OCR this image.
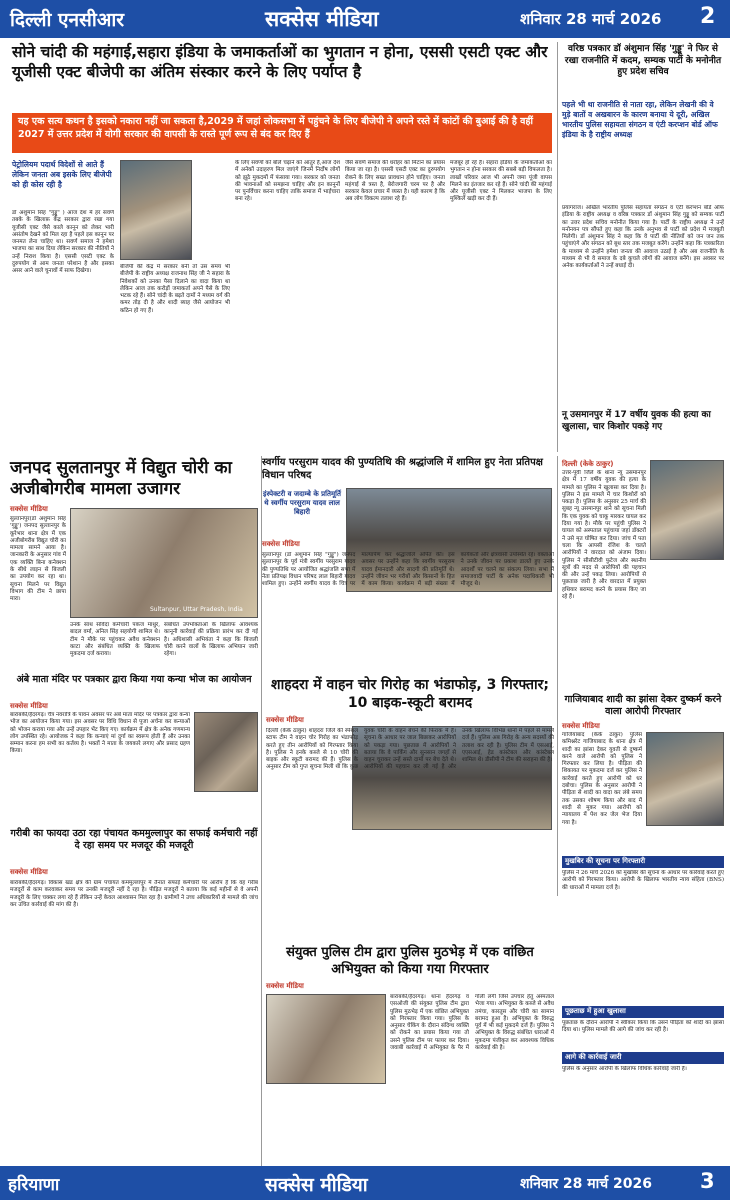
दिल्ली एनसीआर	सक्सेस मीडिया	शनिवार 28 मार्च 2026 2
सोने चांदी की महंगाई,सहारा इंडिया के जमाकर्ताओं का भुगतान न होना, एससी एसटी एक्ट और यूजीसी एक्ट बीजेपी का अंतिम संस्कार करने के लिए पर्याप्त है
यह एक सत्य कथन है इसको नकारा नहीं जा सकता है,2029 में जहां लोकसभा में पहुंचने के लिए बीजेपी ने अपने रस्ते में कांटों की बुआई की है वहीं 2027 में उत्तर प्रदेश में योगी सरकार की वापसी के रास्ते पूर्ण रूप से बंद कर दिए हैं
पेट्रोलियम पदार्थ विदेशों से आते हैं लेकिन जनता अब इसके लिए बीजेपी को ही कोस रही है
डॉ अंशुमान सिंह "गुड्डू" ) आज देश में हर सवर्ण तबके के खिलाफ़ केंद्र सरकार द्वारा रखा गया यूजीसी एक्ट जैसे काले कानून को लेकर भारी असंतोष देखने को मिल रहा है पहले इस कानून पर जनमत लेना चाहिए था। सवर्ण समाज ने हमेशा भाजपा का साथ दिया लेकिन सरकार की नीतियों ने उन्हें निराश किया है। एससी एसटी एक्ट के दुरुपयोग से आम जनता परेशान है और इसका असर आने वाले चुनावों में साफ दिखेगा।
बीजेपी की केंद्र में सरकार बनी तो उस समय भी बीजेपी के राष्ट्रीय अध्यक्ष राजनाथ सिंह जी ने सहारा के निवेशकों को उनका पैसा दिलाने का वादा किया था लेकिन आज तक करोड़ों जमाकर्ता अपने पैसे के लिए भटक रहे हैं। सोने चांदी के बढ़ते दामों ने मध्यम वर्ग की कमर तोड़ दी है और शादी ब्याह जैसे आयोजन भी कठिन हो गए हैं।
के लिए सवर्णों को बलि चढ़ाने को आतुर है,आज देश में अनेकों उदाहरण मिल जाएंगे जिनमें निर्दोष लोगों को झूठे मुकदमों में फंसाया गया। सरकार को जनता की भावनाओं को समझना चाहिए और इन कानूनों पर पुनर्विचार करना चाहिए ताकि समाज में भाईचारा बना रहे।
जैसे सवर्ण समाज की धरोहर को मिटाने का प्रयास किया जा रहा है। एससी एसटी एक्ट का दुरुपयोग रोकने के लिए सख्त प्रावधान होने चाहिए। जनता महंगाई से त्रस्त है, बेरोजगारी चरम पर है और सरकार केवल प्रचार में व्यस्त है। यही कारण है कि अब लोग विकल्प तलाश रहे हैं।
मजबूर हो रहे हैं। सहारा इंडिया के जमाकर्ताओं का भुगतान न होना सरकार की सबसे बड़ी विफलता है। लाखों परिवार आज भी अपनी जमा पूंजी वापस मिलने का इंतजार कर रहे हैं। सोने चांदी की महंगाई और यूजीसी एक्ट ने मिलकर भाजपा के लिए मुश्किलें खड़ी कर दी हैं।
वरिष्ठ पत्रकार डॉ अंशुमान सिंह 'गुड्डू' ने फिर से रखा राजनीति में कदम, सम्यक पार्टी के मनोनीत हुए प्रदेश सचिव
पहले भी था राजनीति से नाता रहा, लेकिन लेखनी की वे मुड़े बातों व अखबारन के कारण बनाया ये दूरी, अखिल भारतीय पुलिस सहायता संगठन व एंटी करप्शन बोर्ड ऑफ इंडिया के है राष्ट्रीय अध्यक्ष
प्रयागराज। अखिल भारतीय पुलिस सहायता संगठन व एंटी करप्शन बोर्ड ऑफ इंडिया के राष्ट्रीय अध्यक्ष व वरिष्ठ पत्रकार डॉ अंशुमान सिंह गुड्डू को सम्यक पार्टी का उत्तर प्रदेश सचिव मनोनीत किया गया है। पार्टी के राष्ट्रीय अध्यक्ष ने उन्हें मनोनयन पत्र सौंपते हुए कहा कि उनके अनुभव से पार्टी को प्रदेश में मजबूती मिलेगी। डॉ अंशुमान सिंह ने कहा कि वे पार्टी की नीतियों को जन जन तक पहुंचाएंगे और संगठन को बूथ स्तर तक मजबूत करेंगे। उन्होंने कहा कि पत्रकारिता के माध्यम से उन्होंने हमेशा जनता की आवाज उठाई है और अब राजनीति के माध्यम से भी वे समाज के दबे कुचले लोगों की आवाज बनेंगे। इस अवसर पर अनेक कार्यकर्ताओं ने उन्हें बधाई दी।
नू उसमानपुर में 17 वर्षीय युवक की हत्या का खुलासा, चार किशोर पकड़े गए
स्वर्गीय परसुराम यादव की पुण्यतिथि की श्रद्धांजलि में शामिल हुए नेता प्रतिपक्ष विधान परिषद
जनपद सुलतानपुर में विद्युत चोरी का अजीबोगरीब मामला उजागर
सक्सेस मीडिया
सुल्तानपुर(डॉ अंशुमान सिंह 'गुड्डू') जनपद सुल्तानपुर के कूरेभार थाना क्षेत्र में एक अजीबोगरीब विद्युत चोरी का मामला सामने आया है। जानकारी के अनुसार गांव में एक व्यक्ति बिना कनेक्शन के सीधे लाइन से बिजली का उपयोग कर रहा था। सूचना मिलने पर विद्युत विभाग की टीम ने छापा मारा।
Sultanpur, Uttar Pradesh, India
उनके साथ संविदा कर्मचारी पंकज माथुर, बादल वर्मा, अनिल सिंह सहयोगी शामिल थे। टीम ने मौके पर पहुंचकर अवैध कनेक्शन काटा और संबंधित व्यक्ति के खिलाफ मुकदमा दर्ज कराया।
संबंधित उपभोक्ताओं के खिलाफ आवश्यक कानूनी कार्रवाई की प्रक्रिया प्रारंभ कर दी गई है। अधिशासी अभियंता ने कहा कि बिजली चोरी करने वालों के खिलाफ अभियान जारी रहेगा।
इंस्पेक्टरी व जदाम्बे के प्रतिमूर्ति थे स्वर्गीय परसुराम यादव लाल बिहारी
सक्सेस मीडिया
सुल्तानपुर (डॉ अंशुमान सिंह "गुड्डू") जनपद सुल्तानपुर के पूर्व मंत्री स्वर्गीय परसुराम यादव की पुण्यतिथि पर आयोजित श्रद्धांजलि सभा में नेता प्रतिपक्ष विधान परिषद लाल बिहारी यादव शामिल हुए। उन्होंने स्वर्गीय यादव के चित्र पर माल्यार्पण कर श्रद्धांजलि अर्पित की। इस अवसर पर उन्होंने कहा कि स्वर्गीय परसुराम यादव ईमानदारी और सादगी की प्रतिमूर्ति थे। उन्होंने जीवन भर गरीबों और किसानों के हित में काम किया। कार्यक्रम में बड़ी संख्या में कार्यकर्ता और क्षेत्रवासी उपस्थित रहे। वक्ताओं ने उनके जीवन पर प्रकाश डालते हुए उनके आदर्शों पर चलने का संकल्प लिया। सभा में समाजवादी पार्टी के अनेक पदाधिकारी भी मौजूद थे।
दिल्ली (केके ठाकुर)
उत्तर-पूर्वी जिले के थाना न्यू उसमानपुर क्षेत्र में 17 वर्षीय युवक की हत्या के मामले का पुलिस ने खुलासा कर दिया है। पुलिस ने इस मामले में चार किशोरों को पकड़ा है। पुलिस के अनुसार 25 मार्च की सुबह न्यू उसमानपुर थाने को सूचना मिली कि एक युवक को चाकू मारकर घायल कर दिया गया है। मौके पर पहुंची पुलिस ने घायल को अस्पताल पहुंचाया जहां डॉक्टरों ने उसे मृत घोषित कर दिया। जांच में पता चला कि आपसी रंजिश के चलते आरोपियों ने वारदात को अंजाम दिया। पुलिस ने सीसीटीवी फुटेज और स्थानीय सूत्रों की मदद से आरोपियों की पहचान की और उन्हें पकड़ लिया। आरोपियों से पूछताछ जारी है और वारदात में प्रयुक्त हथियार बरामद करने के प्रयास किए जा रहे हैं।
अंबे माता मंदिर पर पत्रकार द्वारा किया गया कन्या भोज का आयोजन
सक्सेस मीडिया
बाराबंकी/हैदरगढ़। चैत्र नवरात्रि के पावन अवसर पर अंबे माता मंदिर पर पत्रकार द्वारा कन्या भोज का आयोजन किया गया। इस अवसर पर विधि विधान से पूजा अर्चना कर कन्याओं को भोजन कराया गया और उन्हें उपहार भेंट किए गए। कार्यक्रम में क्षेत्र के अनेक गणमान्य लोग उपस्थित रहे। आयोजक ने कहा कि कन्याएं मां दुर्गा का स्वरूप होती हैं और उनका सम्मान करना हम सभी का कर्तव्य है। भक्तों ने माता के जयकारे लगाए और प्रसाद ग्रहण किया।
गरीबी का फायदा उठा रहा पंचायत कममुल्लापुर का सफाई कर्मचारी नहीं दे रहा समय पर मजदूर की मजदूरी
सक्सेस मीडिया
बाराबंकी/हैदरगढ़। विकास खंड क्षेत्र की ग्राम पंचायत कममुल्लापुर में तैनात सफाई कर्मचारी पर आरोप है कि वह गरीब मजदूरों से काम करवाकर समय पर उनकी मजदूरी नहीं दे रहा है। पीड़ित मजदूरों ने बताया कि कई महीनों से वे अपनी मजदूरी के लिए चक्कर लगा रहे हैं लेकिन उन्हें केवल आश्वासन मिल रहा है। ग्रामीणों ने उच्च अधिकारियों से मामले की जांच कर उचित कार्रवाई की मांग की है।
शाहदरा में वाहन चोर गिरोह का भंडाफोड़, 3 गिरफ्तार; 10 बाइक-स्कूटी बरामद
सक्सेस मीडिया
दिल्ली (केके ठाकुर) शाहदरा जिले की स्पेशल स्टाफ टीम ने वाहन चोर गिरोह का भंडाफोड़ करते हुए तीन आरोपियों को गिरफ्तार किया है। पुलिस ने इनके कब्जे से 10 चोरी की बाइक और स्कूटी बरामद की हैं। पुलिस के अनुसार टीम को गुप्त सूचना मिली थी कि कुछ युवक चोरी के वाहन बेचने की फिराक में हैं। सूचना के आधार पर जाल बिछाकर आरोपियों को पकड़ा गया। पूछताछ में आरोपियों ने बताया कि वे पार्किंग और सुनसान जगहों से वाहन चुराकर उन्हें सस्ते दामों पर बेच देते थे। आरोपियों की पहचान कर ली गई है और उनके खिलाफ विभिन्न थानों में पहले से मामले दर्ज हैं। पुलिस अब गिरोह के अन्य सदस्यों की तलाश कर रही है। पुलिस टीम में एसआई, एएसआई, हेड कांस्टेबल और कांस्टेबल शामिल थे। डीसीपी ने टीम की सराहना की है।
गाजियाबाद शादी का झांसा देकर दुष्कर्म करने वाला आरोपी गिरफ्तार
सक्सेस मीडिया
गाजियाबाद (केके ठाकुर) पुलिस कमिश्नरेट गाजियाबाद के थाना क्षेत्र में शादी का झांसा देकर युवती से दुष्कर्म करने वाले आरोपी को पुलिस ने गिरफ्तार कर लिया है। पीड़िता की शिकायत पर मुकदमा दर्ज कर पुलिस ने कार्रवाई करते हुए आरोपी को धर दबोचा। पुलिस के अनुसार आरोपी ने पीड़िता से शादी का वादा कर लंबे समय तक उसका शोषण किया और बाद में शादी से मुकर गया। आरोपी को न्यायालय में पेश कर जेल भेज दिया गया है।
मुखबिर की सूचना पर गिरफ्तारी
पुलिस ने 26 मार्च 2026 को मुखबिर की सूचना के आधार पर कार्रवाई करते हुए आरोपी को गिरफ्तार किया। आरोपी के खिलाफ भारतीय न्याय संहिता (BNS) की धाराओं में मामला दर्ज है।
पूछताछ में हुआ खुलासा
पूछताछ के दौरान आरोपी ने स्वीकार किया कि उसने पीड़िता को शादी का झांसा दिया था। पुलिस मामले की आगे की जांच कर रही है।
आगे की कार्रवाई जारी
पुलिस के अनुसार आरोपी के खिलाफ विधिक कार्रवाई जारी है।
संयुक्त पुलिस टीम द्वारा पुलिस मुठभेड़ में एक वांछित अभियुक्त को किया गया गिरफ्तार
सक्सेस मीडिया
बाराबंकी/हैदरगढ़। थाना हैदरगढ़ व एसओजी की संयुक्त पुलिस टीम द्वारा पुलिस मुठभेड़ में एक वांछित अभियुक्त को गिरफ्तार किया गया। पुलिस के अनुसार चेकिंग के दौरान संदिग्ध व्यक्ति को रोकने का प्रयास किया गया तो उसने पुलिस टीम पर फायर कर दिया। जवाबी कार्रवाई में अभियुक्त के पैर में गोली लगी जिसे उपचार हेतु अस्पताल भेजा गया। अभियुक्त के कब्जे से अवैध तमंचा, कारतूस और चोरी का सामान बरामद हुआ है। अभियुक्त के विरुद्ध पूर्व में भी कई मुकदमे दर्ज हैं। पुलिस ने अभियुक्त के विरुद्ध संबंधित धाराओं में मुकदमा पंजीकृत कर आवश्यक विधिक कार्रवाई की है।
हरियाणा	सक्सेस मीडिया	शनिवार 28 मार्च 2026 3
